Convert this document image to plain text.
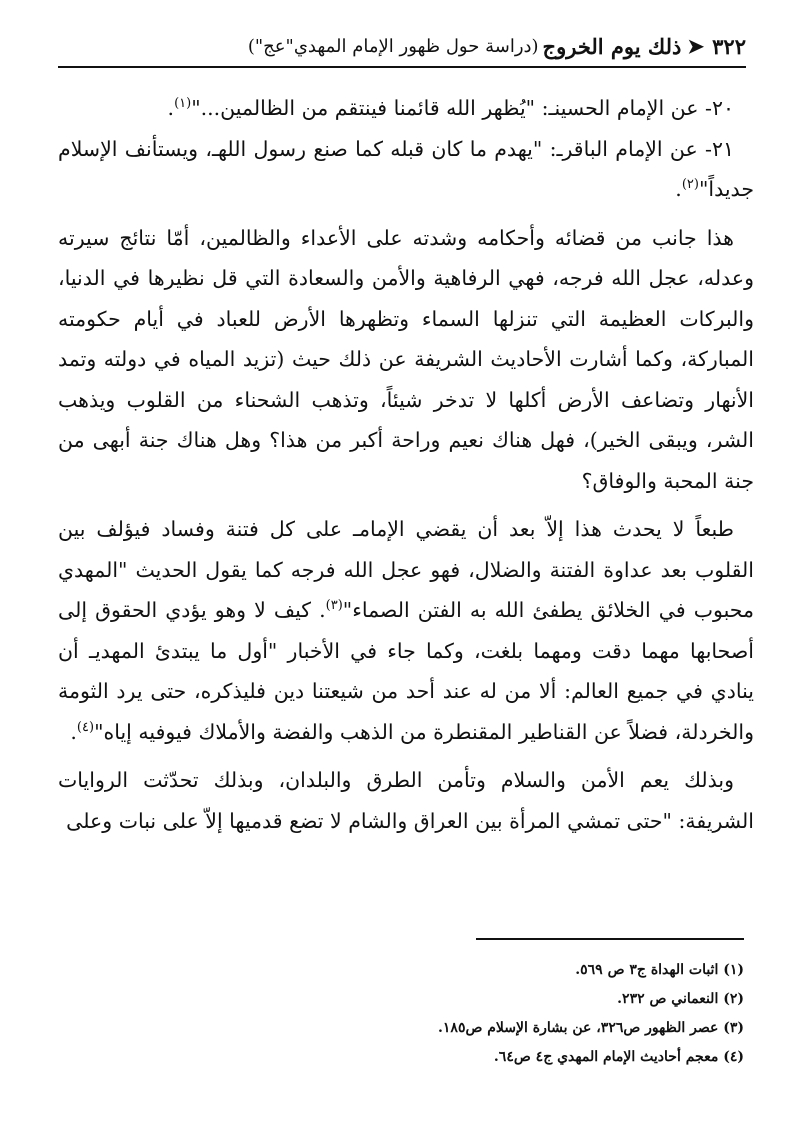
٣٢٢
➤
ذلك يوم الخروج
(دراسة حول ظهور الإمام المهدي"عج")

٢٠- عن الإمام الحسينـ: "يُظهر الله قائمنا فينتقم من الظالمين..."$^{(١)}$.

٢١- عن الإمام الباقرـ: "يهدم ما كان قبله كما صنع رسول اللهـ، ويستأنف الإسلام جديداً"$^{(٢)}$.

هذا جانب من قضائه وأحكامه وشدته على الأعداء والظالمين، أمّا نتائج سيرته وعدله، عجل الله فرجه، فهي الرفاهية والأمن والسعادة التي قل نظيرها في الدنيا، والبركات العظيمة التي تنزلها السماء وتظهرها الأرض للعباد في أيام حكومته المباركة، وكما أشارت الأحاديث الشريفة عن ذلك حيث (تزيد المياه في دولته وتمد الأنهار وتضاعف الأرض أكلها لا تدخر شيئاً، وتذهب الشحناء من القلوب ويذهب الشر، ويبقى الخير)، فهل هناك نعيم وراحة أكبر من هذا؟ وهل هناك جنة أبهى من جنة المحبة والوفاق؟

طبعاً لا يحدث هذا إلاّ بعد أن يقضي الإمامـ على كل فتنة وفساد فيؤلف بين القلوب بعد عداوة الفتنة والضلال، فهو عجل الله فرجه كما يقول الحديث "المهدي محبوب في الخلائق يطفئ الله به الفتن الصماء"$^{(٣)}$. كيف لا وهو يؤدي الحقوق إلى أصحابها مهما دقت ومهما بلغت، وكما جاء في الأخبار "أول ما يبتدئ المهديـ أن ينادي في جميع العالم: ألا من له عند أحد من شيعتنا دين فليذكره، حتى يرد الثومة والخردلة، فضلاً عن القناطير المقنطرة من الذهب والفضة والأملاك فيوفيه إياه"$^{(٤)}$.

وبذلك يعم الأمن والسلام وتأمن الطرق والبلدان، وبذلك تحدّثت الروايات الشريفة: "حتى تمشي المرأة بين العراق والشام لا تضع قدميها إلاّ على نبات وعلى

(١) اثبات الهداة ج٣ ص ٥٦٩.
(٢) النعماني ص ٢٣٢.
(٣) عصر الظهور ص٣٢٦، عن بشارة الإسلام ص١٨٥.
(٤) معجم أحاديث الإمام المهدي ج٤ ص٦٤.
